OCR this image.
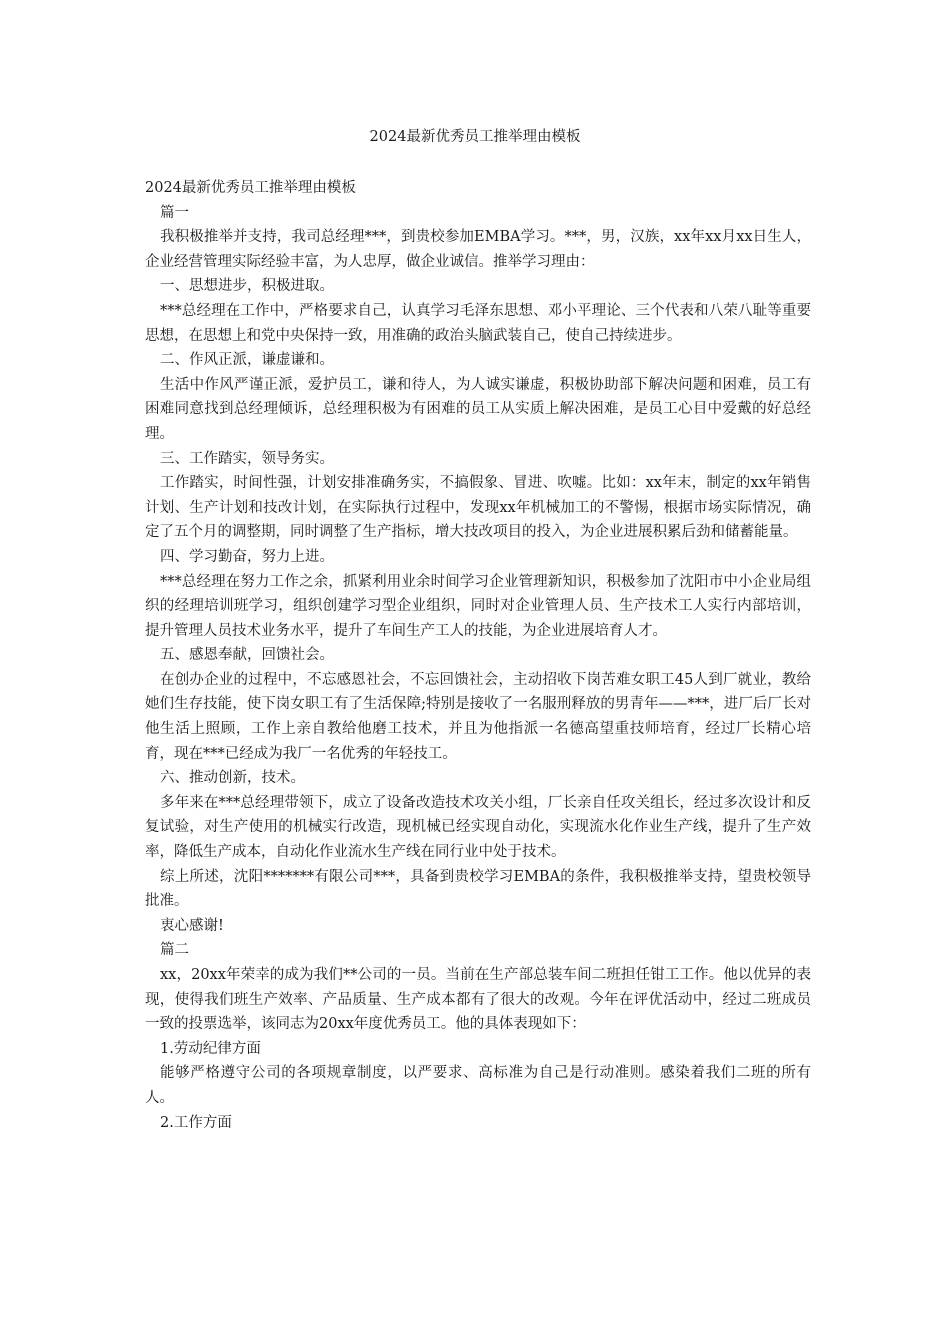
2024最新优秀员工推举理由模板

2024最新优秀员工推举理由模板

篇一

我积极推举并支持，我司总经理***，到贵校参加EMBA学习。***，男，汉族，xx年xx月xx日生人，企业经营管理实际经验丰富，为人忠厚，做企业诚信。推举学习理由：

一、思想进步，积极进取。

***总经理在工作中，严格要求自己，认真学习毛泽东思想、邓小平理论、三个代表和八荣八耻等重要思想，在思想上和党中央保持一致，用准确的政治头脑武装自己，使自己持续进步。

二、作风正派，谦虚谦和。

生活中作风严谨正派，爱护员工，谦和待人，为人诚实谦虚，积极协助部下解决问题和困难，员工有困难同意找到总经理倾诉，总经理积极为有困难的员工从实质上解决困难，是员工心目中爱戴的好总经理。

三、工作踏实，领导务实。

工作踏实，时间性强，计划安排准确务实，不搞假象、冒进、吹嘘。比如：xx年末，制定的xx年销售计划、生产计划和技改计划，在实际执行过程中，发现xx年机械加工的不警惕，根据市场实际情况，确定了五个月的调整期，同时调整了生产指标，增大技改项目的投入，为企业进展积累后劲和储蓄能量。

四、学习勤奋，努力上进。

***总经理在努力工作之余，抓紧利用业余时间学习企业管理新知识，积极参加了沈阳市中小企业局组织的经理培训班学习，组织创建学习型企业组织，同时对企业管理人员、生产技术工人实行内部培训，提升管理人员技术业务水平，提升了车间生产工人的技能，为企业进展培育人才。

五、感恩奉献，回馈社会。

在创办企业的过程中，不忘感恩社会，不忘回馈社会，主动招收下岗苦难女职工45人到厂就业，教给她们生存技能，使下岗女职工有了生活保障;特别是接收了一名服刑释放的男青年——***，进厂后厂长对他生活上照顾，工作上亲自教给他磨工技术，并且为他指派一名德高望重技师培育，经过厂长精心培育，现在***已经成为我厂一名优秀的年轻技工。

六、推动创新，技术。

多年来在***总经理带领下，成立了设备改造技术攻关小组，厂长亲自任攻关组长，经过多次设计和反复试验，对生产使用的机械实行改造，现机械已经实现自动化，实现流水化作业生产线，提升了生产效率，降低生产成本，自动化作业流水生产线在同行业中处于技术。

综上所述，沈阳*******有限公司***，具备到贵校学习EMBA的条件，我积极推举支持，望贵校领导批准。

衷心感谢!

篇二

xx，20xx年荣幸的成为我们**公司的一员。当前在生产部总装车间二班担任钳工工作。他以优异的表现，使得我们班生产效率、产品质量、生产成本都有了很大的改观。今年在评优活动中，经过二班成员一致的投票选举，该同志为20xx年度优秀员工。他的具体表现如下：

1.劳动纪律方面

能够严格遵守公司的各项规章制度，以严要求、高标准为自己是行动准则。感染着我们二班的所有人。

2.工作方面
